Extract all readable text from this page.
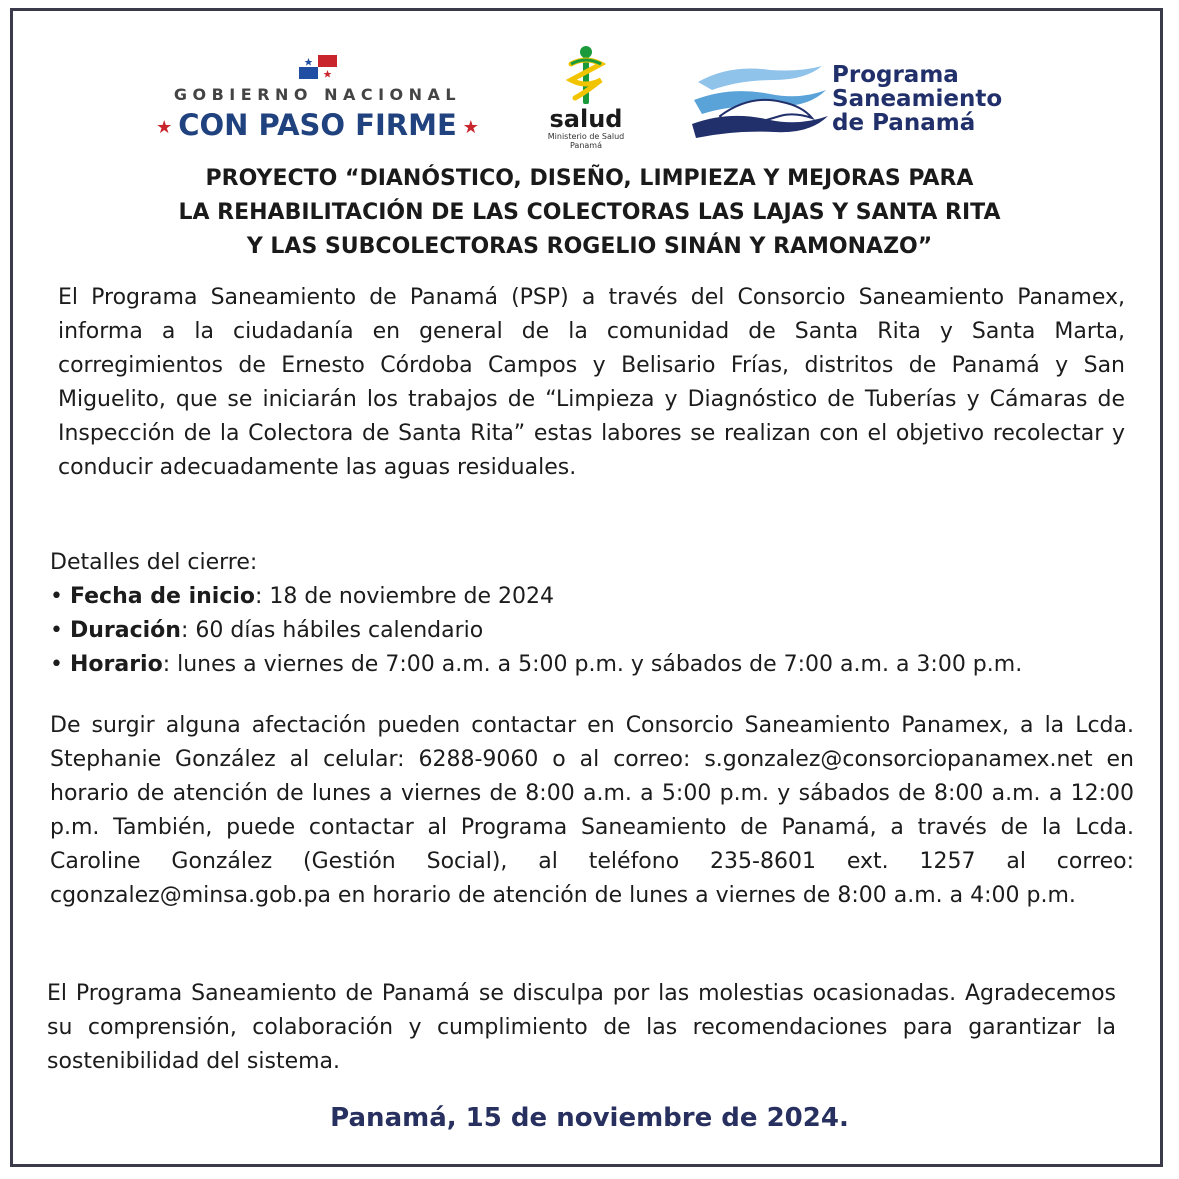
GOBIERNO NACIONAL
★ CON PASO FIRME ★	salud
Ministerio de Salud
Panamá
Programa
Saneamiento
de Panamá
PROYECTO “DIANÓSTICO, DISEÑO, LIMPIEZA Y MEJORAS PARA
LA REHABILITACIÓN DE LAS COLECTORAS LAS LAJAS Y SANTA RITA
Y LAS SUBCOLECTORAS ROGELIO SINÁN Y RAMONAZO”
El Programa Saneamiento de Panamá (PSP) a través del Consorcio Saneamiento Panamex, informa a la ciudadanía en general de la comunidad de Santa Rita y Santa Marta, corregimientos de Ernesto Córdoba Campos y Belisario Frías, distritos de Panamá y San Miguelito, que se iniciarán los trabajos de “Limpieza y Diagnóstico de Tuberías y Cámaras de Inspección de la Colectora de Santa Rita” estas labores se realizan con el objetivo recolectar y conducir adecuadamente las aguas residuales.
Detalles del cierre:
• Fecha de inicio: 18 de noviembre de 2024
• Duración: 60 días hábiles calendario
• Horario: lunes a viernes de 7:00 a.m. a 5:00 p.m. y sábados de 7:00 a.m. a 3:00 p.m.
De surgir alguna afectación pueden contactar en Consorcio Saneamiento Panamex, a la Lcda. Stephanie González al celular: 6288-9060 o al correo: s.gonzalez@consorciopanamex.net en horario de atención de lunes a viernes de 8:00 a.m. a 5:00 p.m. y sábados de 8:00 a.m. a 12:00 p.m. También, puede contactar al Programa Saneamiento de Panamá, a través de la Lcda. Caroline González (Gestión Social), al teléfono 235-8601 ext. 1257 al correo: cgonzalez@minsa.gob.pa en horario de atención de lunes a viernes de 8:00 a.m. a 4:00 p.m.
El Programa Saneamiento de Panamá se disculpa por las molestias ocasionadas. Agradecemos su comprensión, colaboración y cumplimiento de las recomendaciones para garantizar la sostenibilidad del sistema.
Panamá, 15 de noviembre de 2024.
